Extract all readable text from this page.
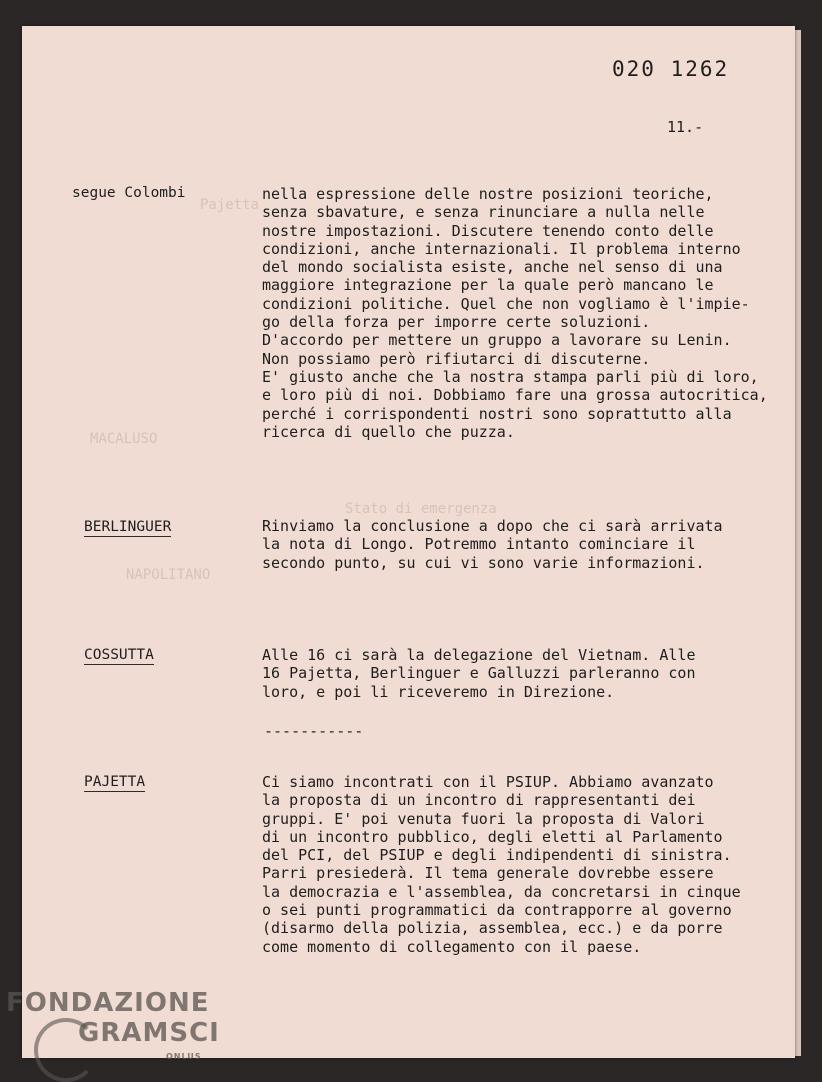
Pajetta
MACALUSO
NAPOLITANO
Stato di emergenza
020 1262
11.-
segue Colombi	nella espressione delle nostre posizioni teoriche,
senza sbavature, e senza rinunciare a nulla nelle
nostre impostazioni. Discutere tenendo conto delle
condizioni, anche internazionali. Il problema interno
del mondo socialista esiste, anche nel senso di una
maggiore integrazione per la quale però mancano le
condizioni politiche. Quel che non vogliamo è l'impie-
go della forza per imporre certe soluzioni.
D'accordo per mettere un gruppo a lavorare su Lenin.
Non possiamo però rifiutarci di discuterne.
E' giusto anche che la nostra stampa parli più di loro,
e loro più di noi. Dobbiamo fare una grossa autocritica,
perché i corrispondenti nostri sono soprattutto alla
ricerca di quello che puzza.
BERLINGUER	Rinviamo la conclusione a dopo che ci sarà arrivata
la nota di Longo. Potremmo intanto cominciare il
secondo punto, su cui vi sono varie informazioni.
COSSUTTA	Alle 16 ci sarà la delegazione del Vietnam. Alle
16 Pajetta, Berlinguer e Galluzzi parleranno con
loro, e poi li riceveremo in Direzione.
-----------
PAJETTA	Ci siamo incontrati con il PSIUP. Abbiamo avanzato
la proposta di un incontro di rappresentanti dei
gruppi. E' poi venuta fuori la proposta di Valori
di un incontro pubblico, degli eletti al Parlamento
del PCI, del PSIUP e degli indipendenti di sinistra.
Parri presiederà. Il tema generale dovrebbe essere
la democrazia e l'assemblea, da concretarsi in cinque
o sei punti programmatici da contrapporre al governo
(disarmo della polizia, assemblea, ecc.) e da porre
come momento di collegamento con il paese.
FONDAZIONE
GRAMSCI
ONLUS
